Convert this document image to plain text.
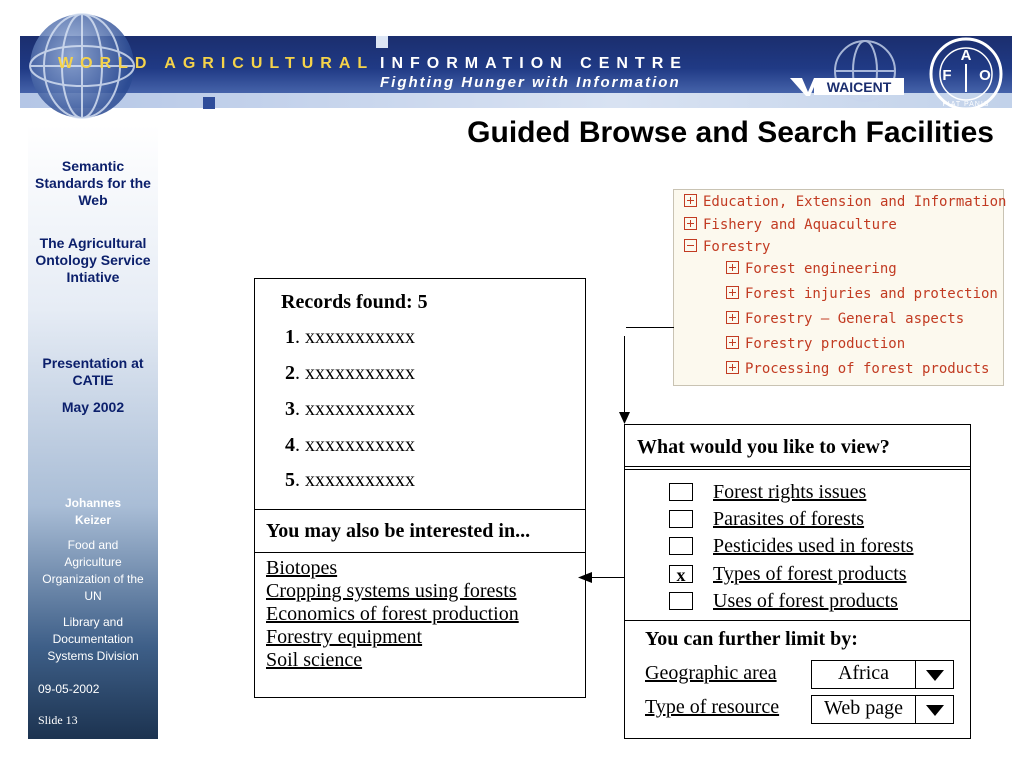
WORLD AGRICULTURAL INFORMATION CENTRE
Fighting Hunger with Information	WAICENT
A
F O
FIAT PANIS
Semantic Standards for the Web
The Agricultural Ontology Service Intiative
Presentation at CATIE
May 2002
Johannes Keizer
Food and Agriculture Organization of the UN
Library and Documentation Systems Division
09-05-2002
Slide 13
Guided Browse and Search Facilities
Records found: 5
1. xxxxxxxxxxx
2. xxxxxxxxxxx
3. xxxxxxxxxxx
4. xxxxxxxxxxx
5. xxxxxxxxxxx
You may also be interested in...
Biotopes
Cropping systems using forests
Economics of forest production
Forestry equipment
Soil science
Education, Extension and Information
Fishery and Aquaculture
Forestry
Forest engineering
Forest injuries and protection
Forestry – General aspects
Forestry production
Processing of forest products
What would you like to view?
Forest rights issues
Parasites of forests
Pesticides used in forests
x	Types of forest products
Uses of forest products
You can further limit by:
Geographic area	Africa
Type of resource	Web page
